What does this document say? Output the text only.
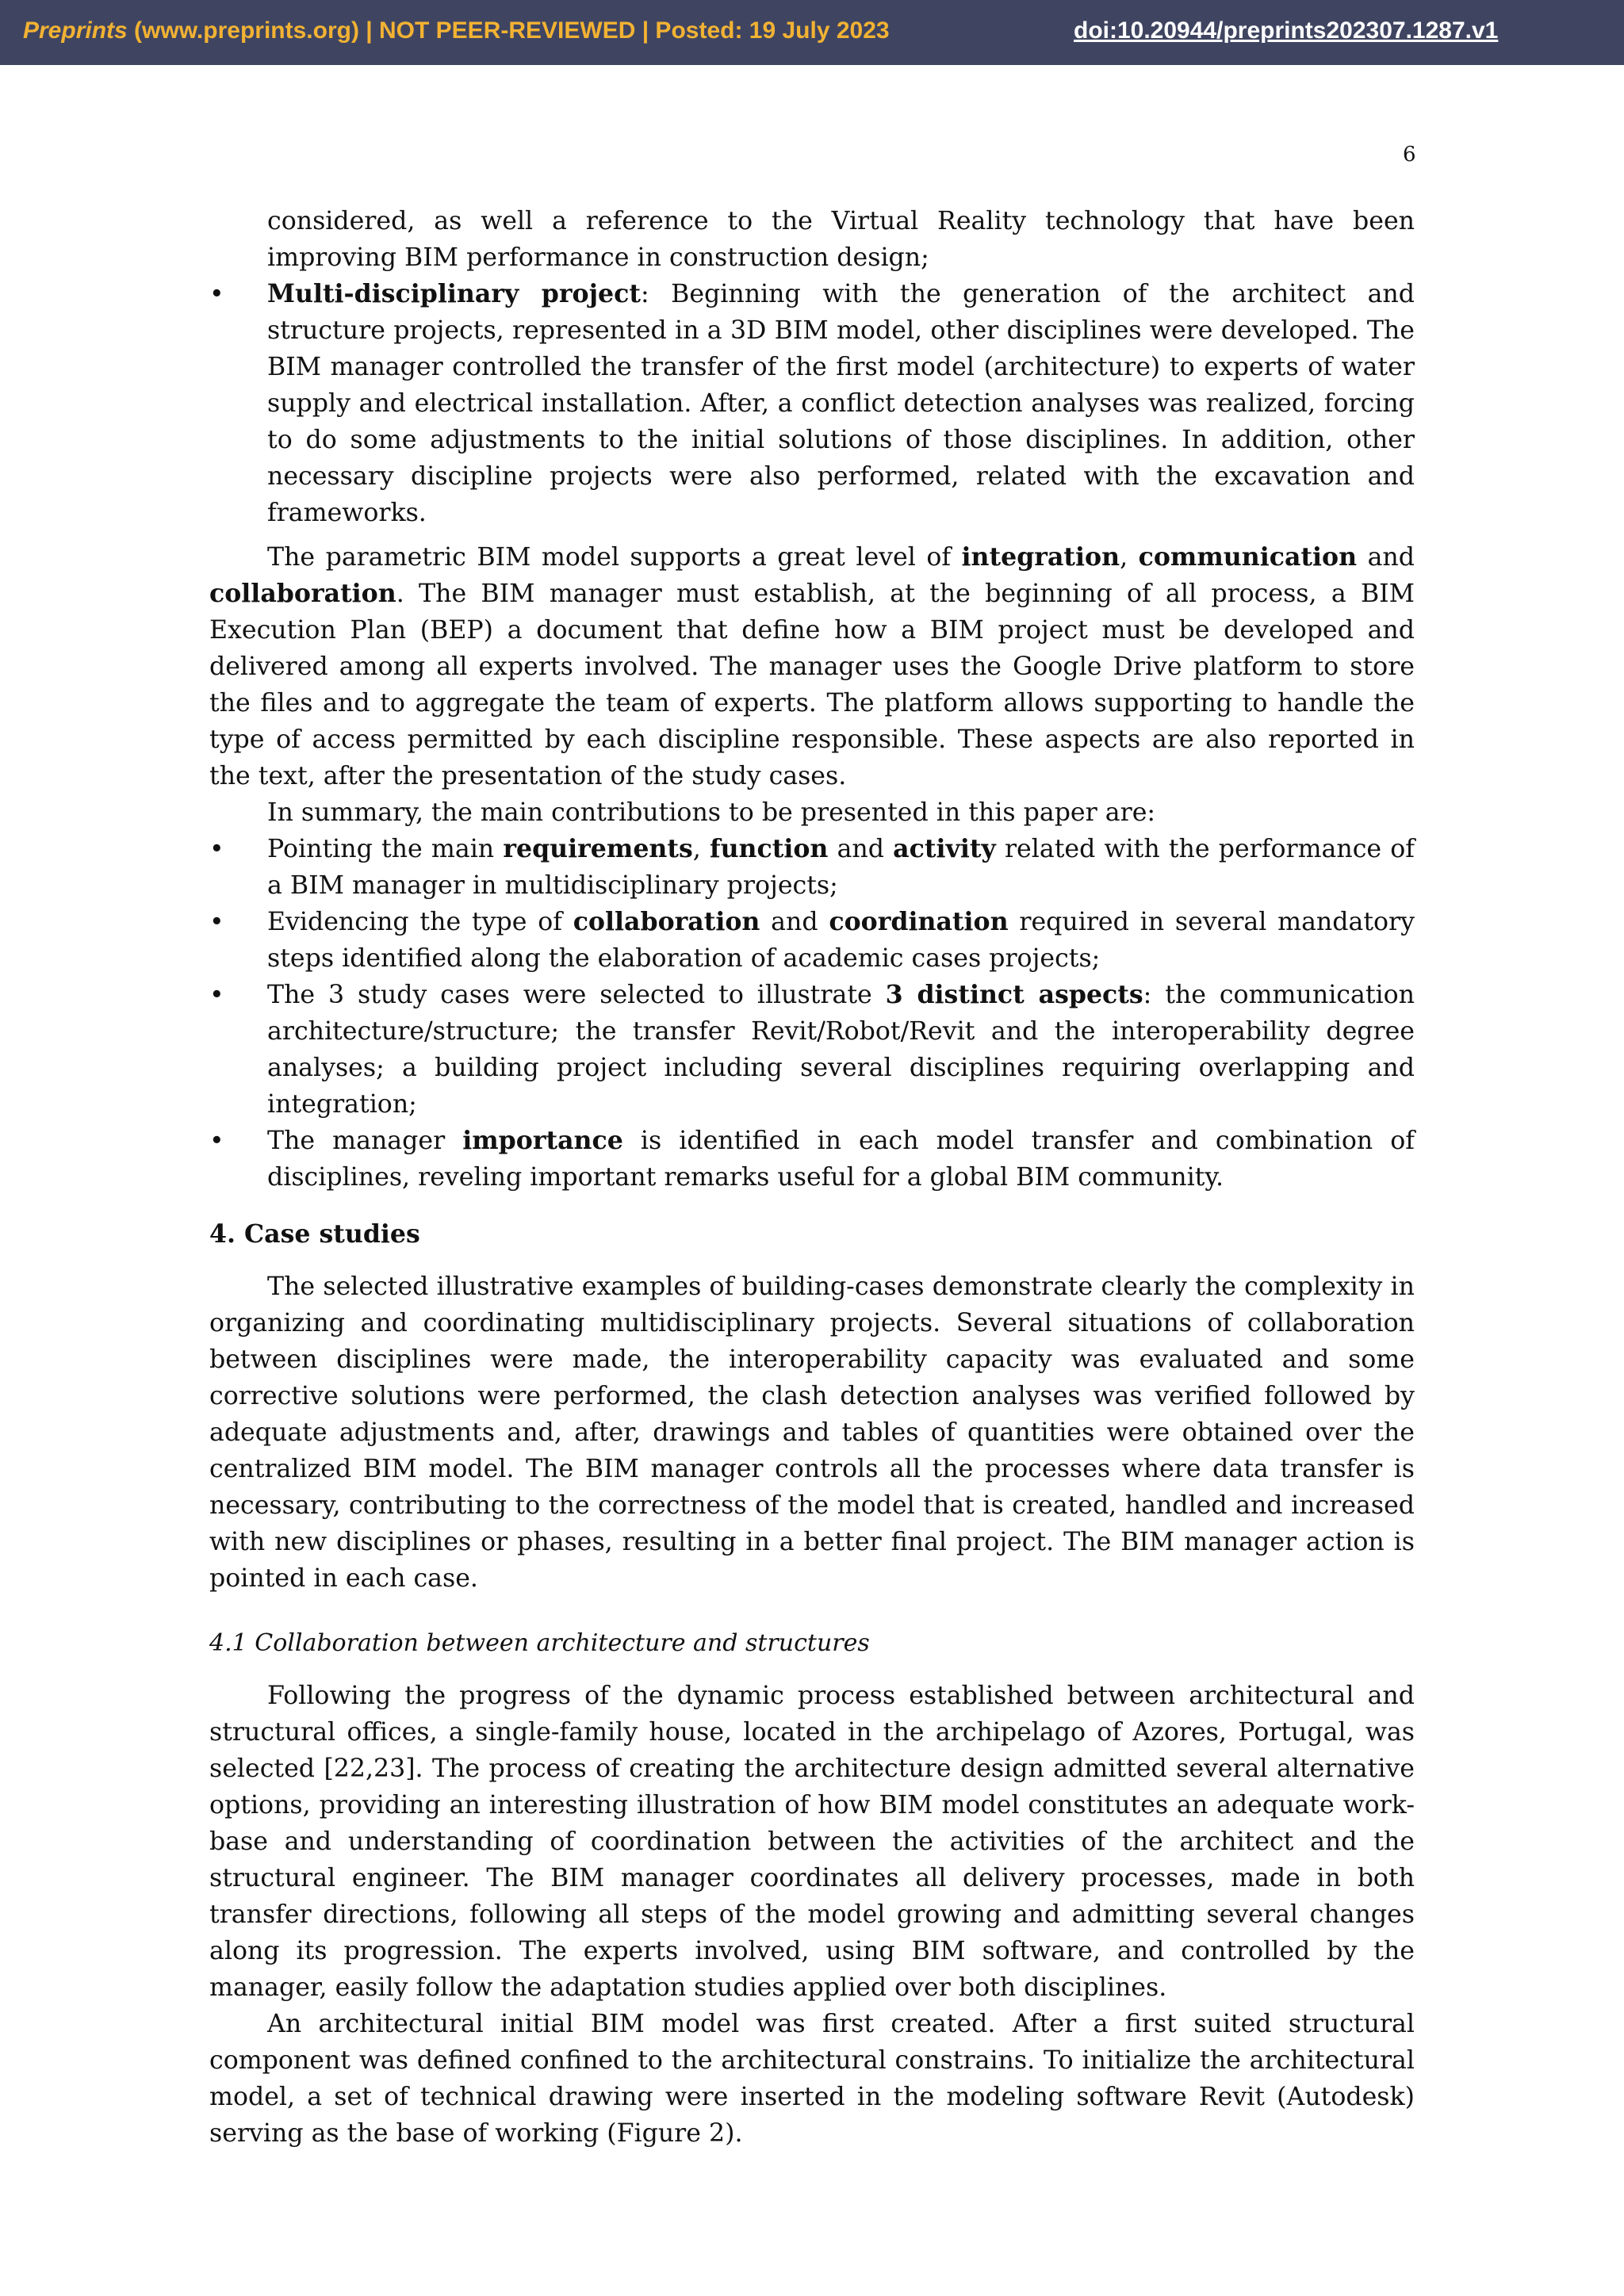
Preprints (www.preprints.org) | NOT PEER-REVIEWED | Posted: 19 July 2023	doi:10.20944/preprints202307.1287.v1
6

considered, as well a reference to the Virtual Reality technology that have been improving BIM performance in construction design;

• Multi-disciplinary project: Beginning with the generation of the architect and structure projects, represented in a 3D BIM model, other disciplines were developed. The BIM manager controlled the transfer of the first model (architecture) to experts of water supply and electrical installation. After, a conflict detection analyses was realized, forcing to do some adjustments to the initial solutions of those disciplines. In addition, other necessary discipline projects were also performed, related with the excavation and frameworks.

The parametric BIM model supports a great level of integration, communication and collaboration. The BIM manager must establish, at the beginning of all process, a BIM Execution Plan (BEP) a document that define how a BIM project must be developed and delivered among all experts involved. The manager uses the Google Drive platform to store the files and to aggregate the team of experts. The platform allows supporting to handle the type of access permitted by each discipline responsible. These aspects are also reported in the text, after the presentation of the study cases.

In summary, the main contributions to be presented in this paper are:

• Pointing the main requirements, function and activity related with the performance of a BIM manager in multidisciplinary projects;
• Evidencing the type of collaboration and coordination required in several mandatory steps identified along the elaboration of academic cases projects;
• The 3 study cases were selected to illustrate 3 distinct aspects: the communication architecture/structure; the transfer Revit/Robot/Revit and the interoperability degree analyses; a building project including several disciplines requiring overlapping and integration;
• The manager importance is identified in each model transfer and combination of disciplines, reveling important remarks useful for a global BIM community.
4. Case studies

The selected illustrative examples of building-cases demonstrate clearly the complexity in organizing and coordinating multidisciplinary projects. Several situations of collaboration between disciplines were made, the interoperability capacity was evaluated and some corrective solutions were performed, the clash detection analyses was verified followed by adequate adjustments and, after, drawings and tables of quantities were obtained over the centralized BIM model. The BIM manager controls all the processes where data transfer is necessary, contributing to the correctness of the model that is created, handled and increased with new disciplines or phases, resulting in a better final project. The BIM manager action is pointed in each case.

4.1 Collaboration between architecture and structures

Following the progress of the dynamic process established between architectural and structural offices, a single-family house, located in the archipelago of Azores, Portugal, was selected [22,23]. The process of creating the architecture design admitted several alternative options, providing an interesting illustration of how BIM model constitutes an adequate work-base and understanding of coordination between the activities of the architect and the structural engineer. The BIM manager coordinates all delivery processes, made in both transfer directions, following all steps of the model growing and admitting several changes along its progression. The experts involved, using BIM software, and controlled by the manager, easily follow the adaptation studies applied over both disciplines.

An architectural initial BIM model was first created. After a first suited structural component was defined confined to the architectural constrains. To initialize the architectural model, a set of technical drawing were inserted in the modeling software Revit (Autodesk) serving as the base of working (Figure 2).
